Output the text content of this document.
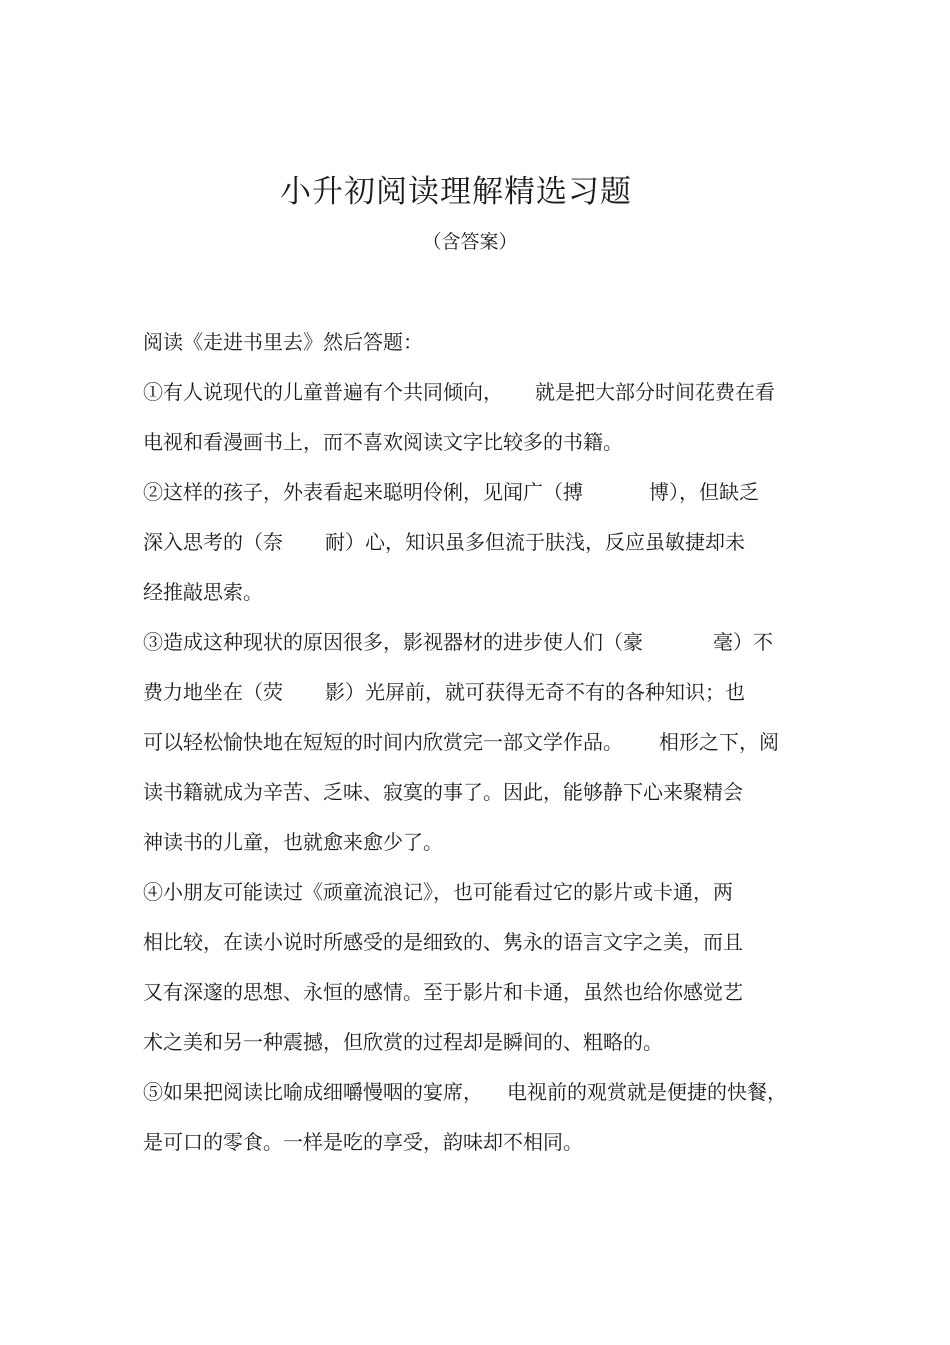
小升初阅读理解精选习题
（含答案）
阅读《走进书里去》然后答题：
①有人说现代的儿童普遍有个共同倾向， 就是把大部分时间花费在看
电视和看漫画书上，而不喜欢阅读文字比较多的书籍。
②这样的孩子，外表看起来聪明伶俐，见闻广（搏	博），但缺乏
深入思考的（奈 耐）心，知识虽多但流于肤浅，反应虽敏捷却未
经推敲思索。
③造成这种现状的原因很多，影视器材的进步使人们（豪	毫）不
费力地坐在（荧 影）光屏前，就可获得无奇不有的各种知识；也
可以轻松愉快地在短短的时间内欣赏完一部文学作品。 相形之下，阅
读书籍就成为辛苦、乏味、寂寞的事了。因此，能够静下心来聚精会
神读书的儿童，也就愈来愈少了。
④小朋友可能读过《顽童流浪记》，也可能看过它的影片或卡通，两
相比较，在读小说时所感受的是细致的、隽永的语言文字之美，而且
又有深邃的思想、永恒的感情。至于影片和卡通，虽然也给你感觉艺
术之美和另一种震撼，但欣赏的过程却是瞬间的、粗略的。
⑤如果把阅读比喻成细嚼慢咽的宴席， 电视前的观赏就是便捷的快餐，
是可口的零食。一样是吃的享受，韵味却不相同。
